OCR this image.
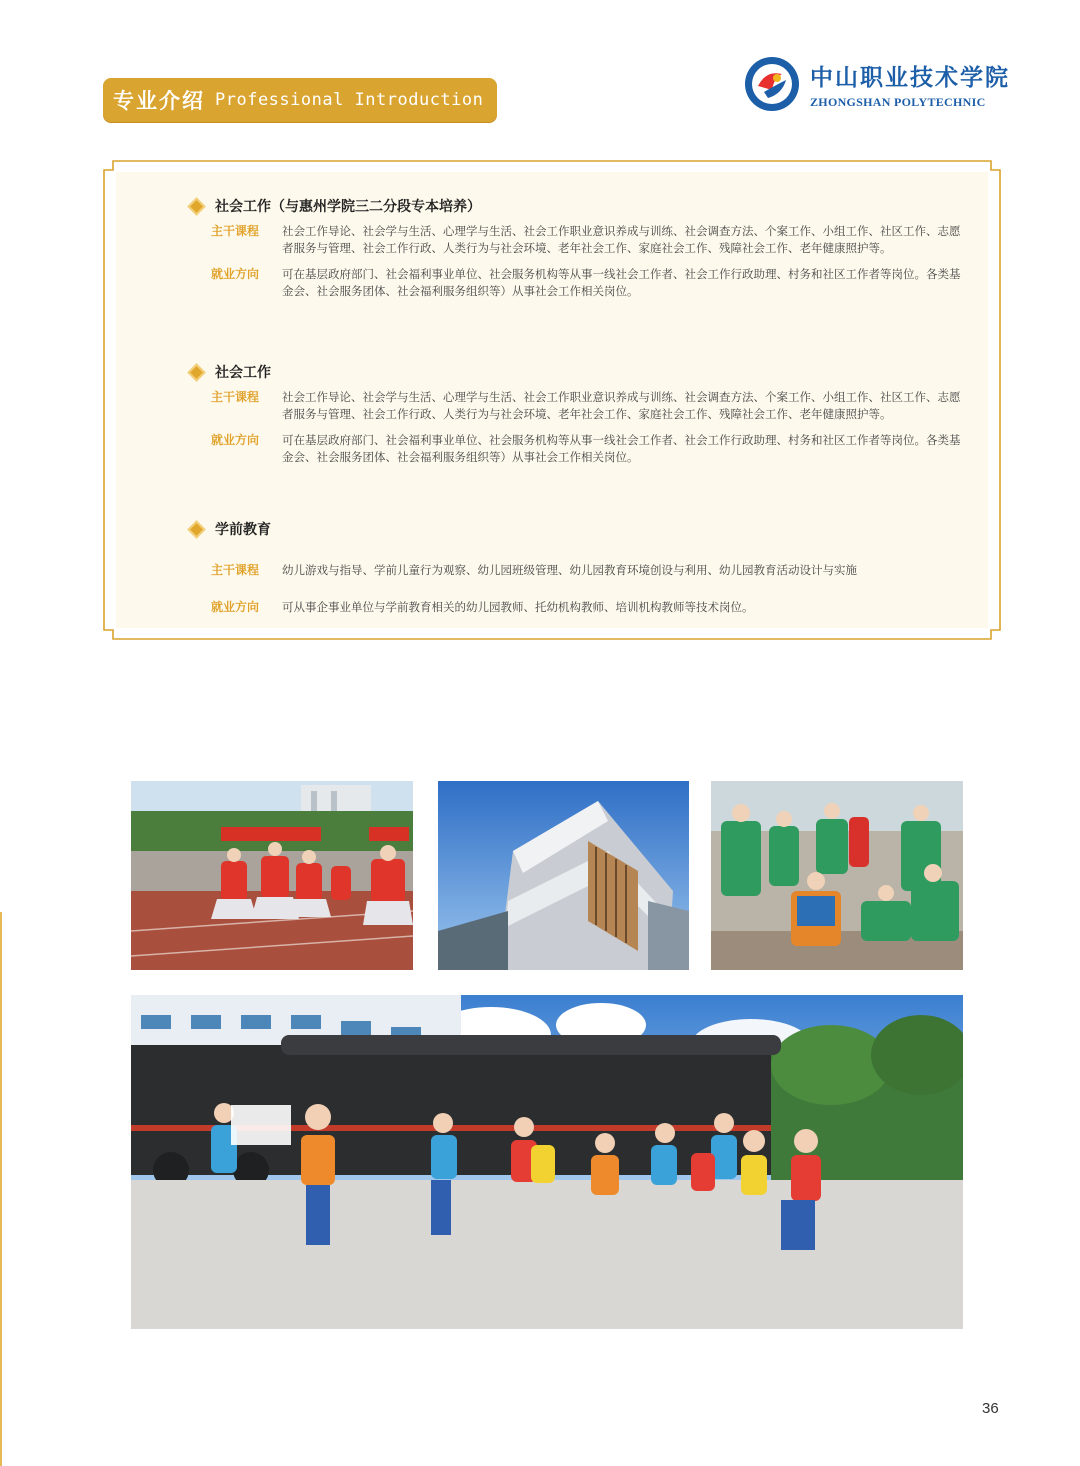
专业介绍 Professional Introduction
中山职业技术学院
ZHONGSHAN POLYTECHNIC
社会工作（与惠州学院三二分段专本培养）
主干课程	社会工作导论、社会学与生活、心理学与生活、社会工作职业意识养成与训练、社会调查方法、个案工作、小组工作、社区工作、志愿者服务与管理、社会工作行政、人类行为与社会环境、老年社会工作、家庭社会工作、残障社会工作、老年健康照护等。
就业方向	可在基层政府部门、社会福利事业单位、社会服务机构等从事一线社会工作者、社会工作行政助理、村务和社区工作者等岗位。各类基金会、社会服务团体、社会福利服务组织等）从事社会工作相关岗位。
社会工作
主干课程	社会工作导论、社会学与生活、心理学与生活、社会工作职业意识养成与训练、社会调查方法、个案工作、小组工作、社区工作、志愿者服务与管理、社会工作行政、人类行为与社会环境、老年社会工作、家庭社会工作、残障社会工作、老年健康照护等。
就业方向	可在基层政府部门、社会福利事业单位、社会服务机构等从事一线社会工作者、社会工作行政助理、村务和社区工作者等岗位。各类基金会、社会服务团体、社会福利服务组织等）从事社会工作相关岗位。
学前教育
主干课程	幼儿游戏与指导、学前儿童行为观察、幼儿园班级管理、幼儿园教育环境创设与利用、幼儿园教育活动设计与实施
就业方向	可从事企事业单位与学前教育相关的幼儿园教师、托幼机构教师、培训机构教师等技术岗位。
36
